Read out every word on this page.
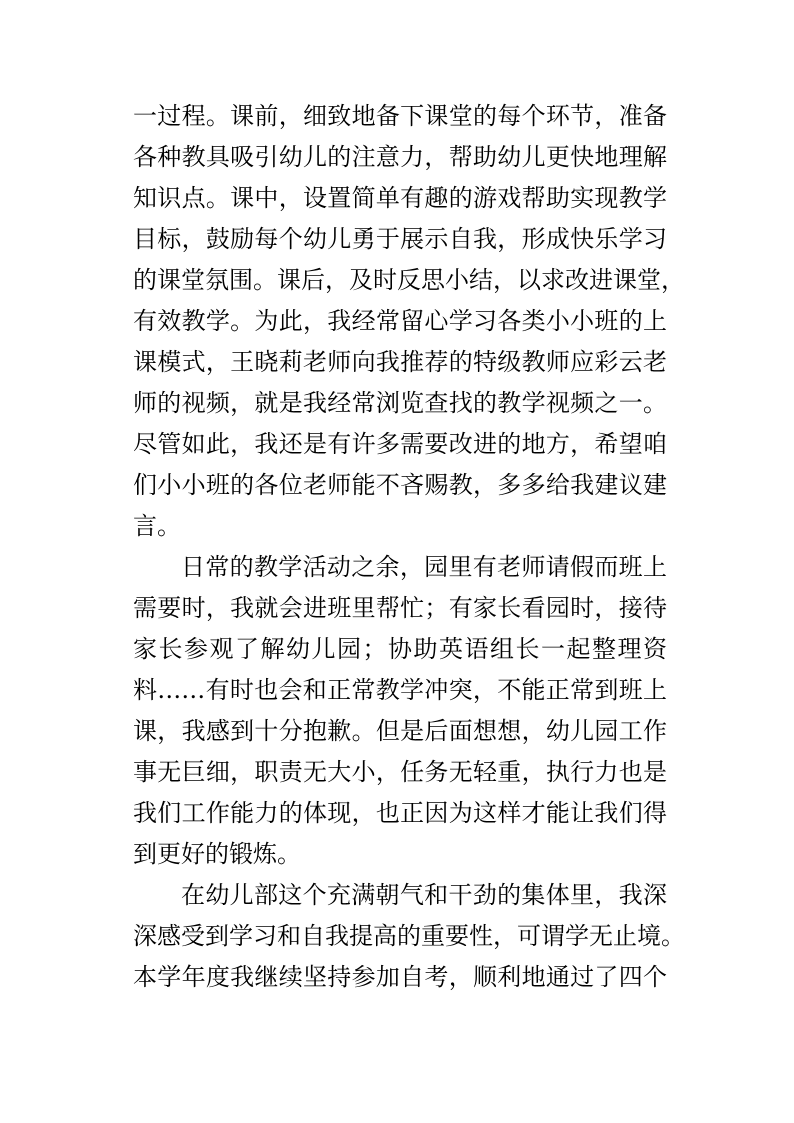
一过程。课前，细致地备下课堂的每个环节，准备
各种教具吸引幼儿的注意力，帮助幼儿更快地理解
知识点。课中，设置简单有趣的游戏帮助实现教学
目标，鼓励每个幼儿勇于展示自我，形成快乐学习
的课堂氛围。课后，及时反思小结，以求改进课堂，
有效教学。为此，我经常留心学习各类小小班的上
课模式，王晓莉老师向我推荐的特级教师应彩云老
师的视频，就是我经常浏览查找的教学视频之一。
尽管如此，我还是有许多需要改进的地方，希望咱
们小小班的各位老师能不吝赐教，多多给我建议建
言。
日常的教学活动之余，园里有老师请假而班上
需要时，我就会进班里帮忙；有家长看园时，接待
家长参观了解幼儿园；协助英语组长一起整理资
料……有时也会和正常教学冲突，不能正常到班上
课，我感到十分抱歉。但是后面想想，幼儿园工作
事无巨细，职责无大小，任务无轻重，执行力也是
我们工作能力的体现，也正因为这样才能让我们得
到更好的锻炼。
在幼儿部这个充满朝气和干劲的集体里，我深
深感受到学习和自我提高的重要性，可谓学无止境。
本学年度我继续坚持参加自考，顺利地通过了四个
